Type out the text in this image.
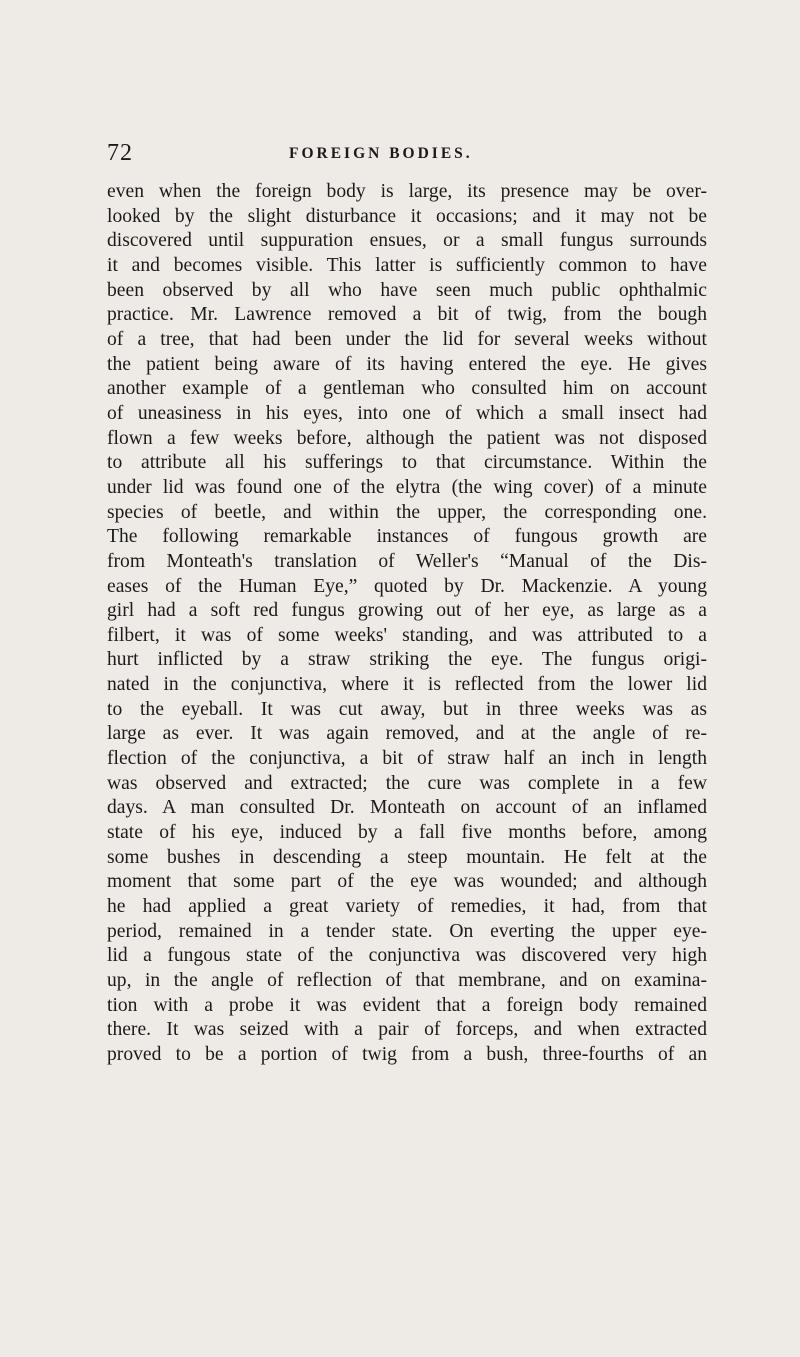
72	FOREIGN BODIES.
even when the foreign body is large, its presence may be over-
looked by the slight disturbance it occasions; and it may not be
discovered until suppuration ensues, or a small fungus surrounds
it and becomes visible. This latter is sufficiently common to have
been observed by all who have seen much public ophthalmic
practice. Mr. Lawrence removed a bit of twig, from the bough
of a tree, that had been under the lid for several weeks without
the patient being aware of its having entered the eye. He gives
another example of a gentleman who consulted him on account
of uneasiness in his eyes, into one of which a small insect had
flown a few weeks before, although the patient was not disposed
to attribute all his sufferings to that circumstance. Within the
under lid was found one of the elytra (the wing cover) of a minute
species of beetle, and within the upper, the corresponding one.
The following remarkable instances of fungous growth are
from Monteath's translation of Weller's “Manual of the Dis-
eases of the Human Eye,” quoted by Dr. Mackenzie. A young
girl had a soft red fungus growing out of her eye, as large as a
filbert, it was of some weeks' standing, and was attributed to a
hurt inflicted by a straw striking the eye. The fungus origi-
nated in the conjunctiva, where it is reflected from the lower lid
to the eyeball. It was cut away, but in three weeks was as
large as ever. It was again removed, and at the angle of re-
flection of the conjunctiva, a bit of straw half an inch in length
was observed and extracted; the cure was complete in a few
days. A man consulted Dr. Monteath on account of an inflamed
state of his eye, induced by a fall five months before, among
some bushes in descending a steep mountain. He felt at the
moment that some part of the eye was wounded; and although
he had applied a great variety of remedies, it had, from that
period, remained in a tender state. On everting the upper eye-
lid a fungous state of the conjunctiva was discovered very high
up, in the angle of reflection of that membrane, and on examina-
tion with a probe it was evident that a foreign body remained
there. It was seized with a pair of forceps, and when extracted
proved to be a portion of twig from a bush, three-fourths of an
